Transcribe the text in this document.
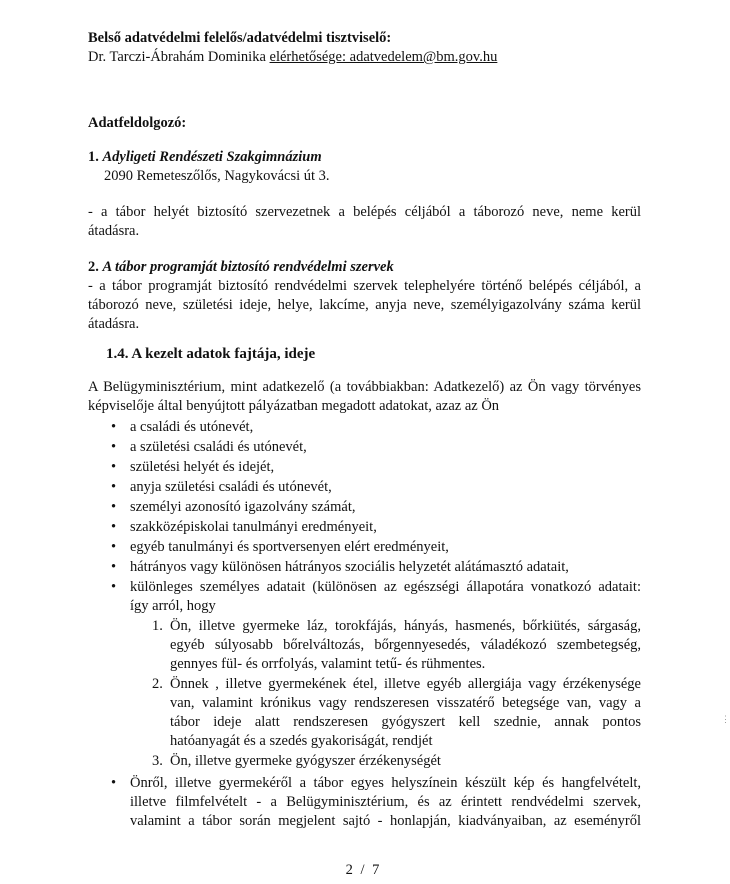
Belső adatvédelmi felelős/adatvédelmi tisztviselő:
Dr. Tarczi-Ábrahám Dominika elérhetősége: adatvedelem@bm.gov.hu
Adatfeldolgozó:
1. Adyligeti Rendészeti Szakgimnázium
2090 Remeteszőlős, Nagykovácsi út 3.
- a tábor helyét biztosító szervezetnek a belépés céljából a táborozó neve, neme kerül
átadásra.
2. A tábor programját biztosító rendvédelmi szervek
- a tábor programját biztosító rendvédelmi szervek telephelyére történő belépés céljából, a
táborozó neve, születési ideje, helye, lakcíme, anyja neve, személyigazolvány száma kerül
átadásra.
1.4. A kezelt adatok fajtája, ideje
A Belügyminisztérium, mint adatkezelő (a továbbiakban: Adatkezelő) az Ön vagy törvényes
képviselője által benyújtott pályázatban megadott adatokat, azaz az Ön
• a családi és utónevét,
• a születési családi és utónevét,
• születési helyét és idejét,
• anyja születési családi és utónevét,
• személyi azonosító igazolvány számát,
• szakközépiskolai tanulmányi eredményeit,
• egyéb tanulmányi és sportversenyen elért eredményeit,
• hátrányos vagy különösen hátrányos szociális helyzetét alátámasztó adatait,
• különleges személyes adatait (különösen az egészségi állapotára vonatkozó adatait:
így arról, hogy
1. Ön, illetve gyermeke láz, torokfájás, hányás, hasmenés, bőrkiütés, sárgaság,
egyéb súlyosabb bőrelváltozás, bőrgennyesedés, váladékozó szembetegség,
gennyes fül- és orrfolyás, valamint tetű- és rühmentes.
2. Önnek , illetve gyermekének étel, illetve egyéb allergiája vagy érzékenysége
van, valamint krónikus vagy rendszeresen visszatérő betegsége van, vagy a
tábor ideje alatt rendszeresen gyógyszert kell szednie, annak pontos
hatóanyagát és a szedés gyakoriságát, rendjét
3. Ön, illetve gyermeke gyógyszer érzékenységét
• Önről, illetve gyermekéről a tábor egyes helyszínein készült kép és hangfelvételt,
illetve filmfelvételt - a Belügyminisztérium, és az érintett rendvédelmi szervek,
valamint a tábor során megjelent sajtó - honlapján, kiadványaiban, az eseményről
2 / 7
⋮
